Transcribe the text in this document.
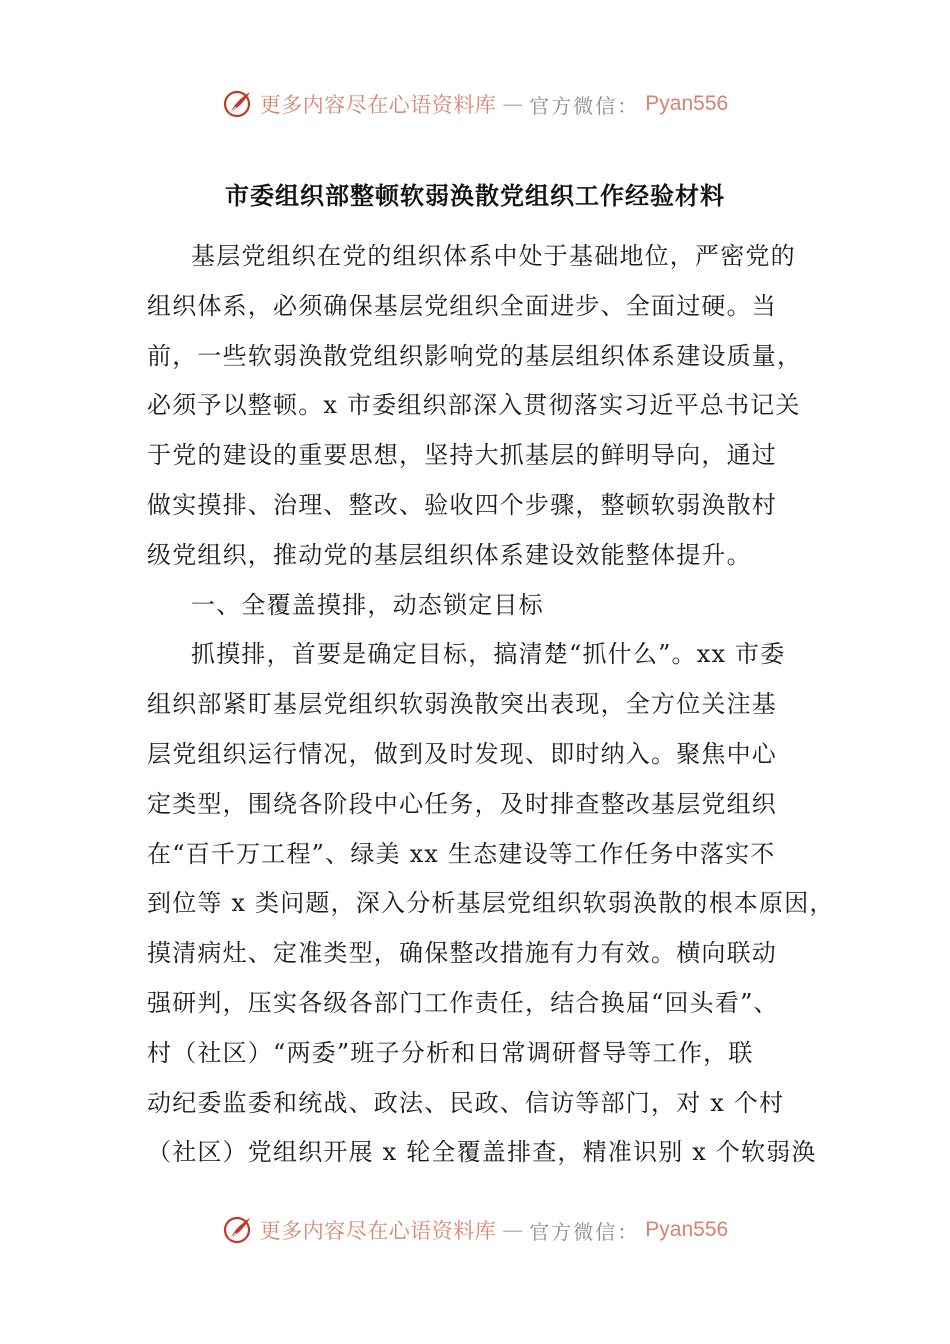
更多内容尽在心语资料库 — 官方微信： Pyan556
市委组织部整顿软弱涣散党组织工作经验材料
基层党组织在党的组织体系中处于基础地位，严密党的
组织体系，必须确保基层党组织全面进步、全面过硬。当
前，一些软弱涣散党组织影响党的基层组织体系建设质量，
必须予以整顿。x 市委组织部深入贯彻落实习近平总书记关
于党的建设的重要思想，坚持大抓基层的鲜明导向，通过
做实摸排、治理、整改、验收四个步骤，整顿软弱涣散村
级党组织，推动党的基层组织体系建设效能整体提升。
一、全覆盖摸排，动态锁定目标
抓摸排，首要是确定目标，搞清楚“抓什么”。xx 市委
组织部紧盯基层党组织软弱涣散突出表现，全方位关注基
层党组织运行情况，做到及时发现、即时纳入。聚焦中心
定类型，围绕各阶段中心任务，及时排查整改基层党组织
在“百千万工程”、绿美 xx 生态建设等工作任务中落实不
到位等 x 类问题，深入分析基层党组织软弱涣散的根本原因，
摸清病灶、定准类型，确保整改措施有力有效。横向联动
强研判，压实各级各部门工作责任，结合换届“回头看”、
村（社区）“两委”班子分析和日常调研督导等工作，联
动纪委监委和统战、政法、民政、信访等部门，对 x 个村
（社区）党组织开展 x 轮全覆盖排查，精准识别 x 个软弱涣
更多内容尽在心语资料库 — 官方微信： Pyan556
